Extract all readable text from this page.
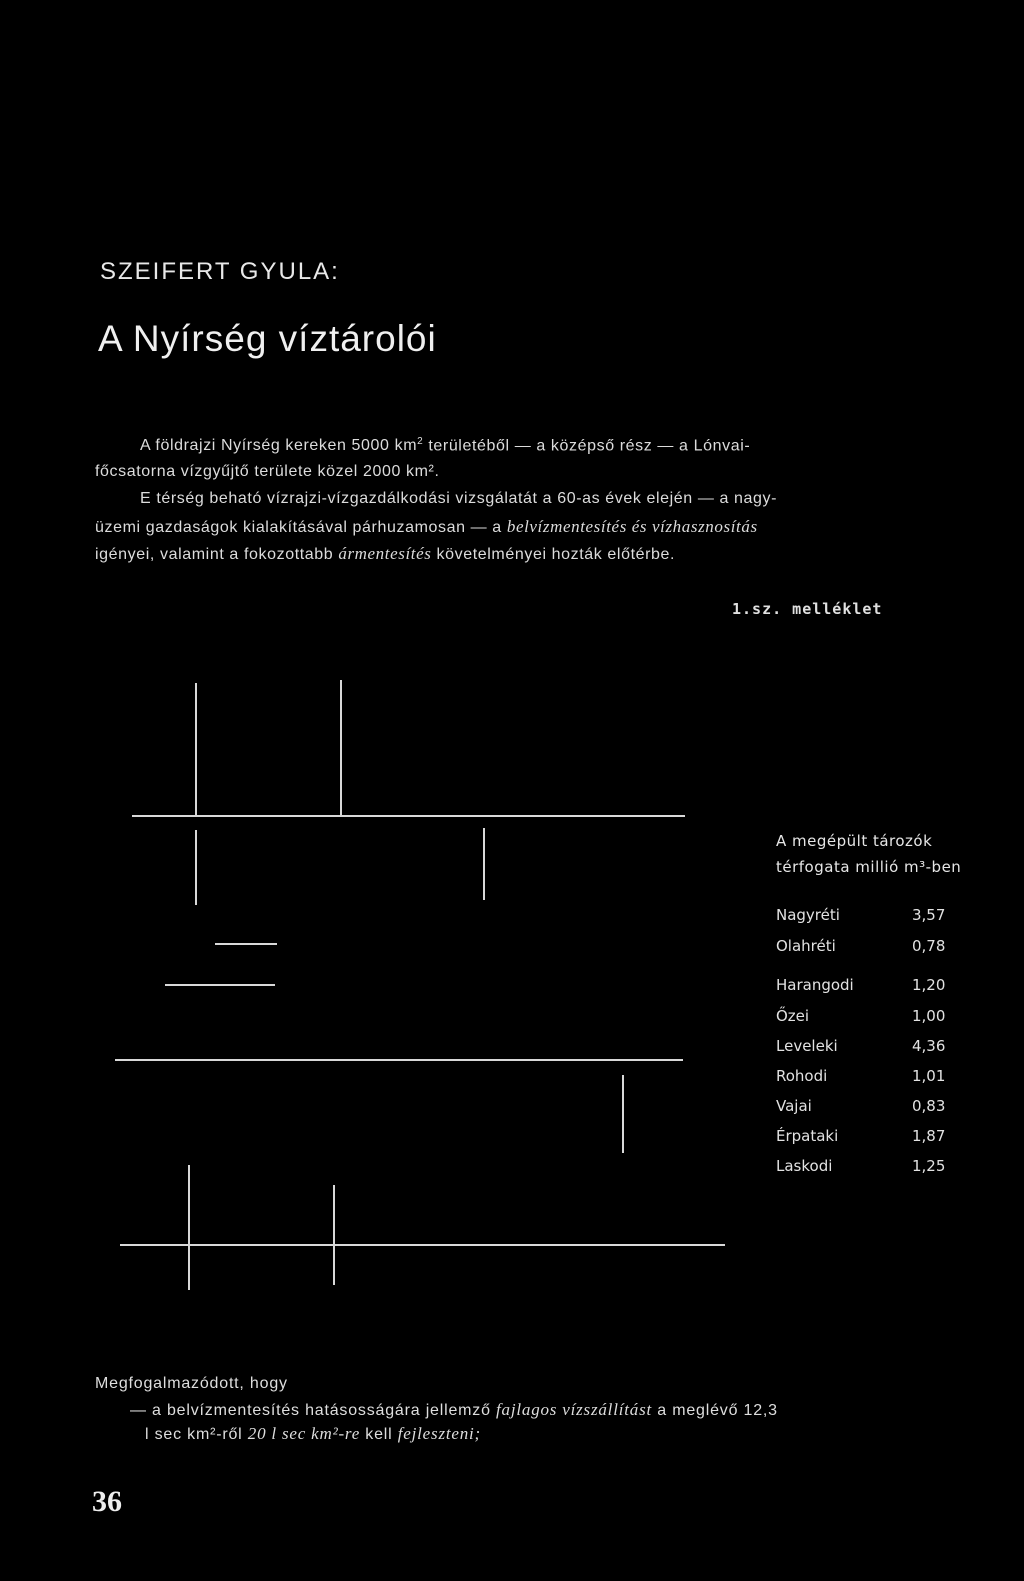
SZEIFERT GYULA:
A Nyírség víztárolói
A földrajzi Nyírség kereken 5000 $km^2$ területéből — a középső rész — a Lónvai-
főcsatorna vízgyűjtő területe közel 2000 km².
E térség beható vízrajzi-vízgazdálkodási vizsgálatát a 60-as évek elején — a nagy-
üzemi gazdaságok kialakításával párhuzamosan — a belvízmentesítés és vízhasznosítás
igényei, valamint a fokozottabb ármentesítés követelményei hozták előtérbe.
1.sz. melléklet
A megépült tározók
térfogata millió m³-ben
Nagyréti	3,57
Olahréti	0,78
Harangodi	1,20
Őzei	1,00
Leveleki	4,36
Rohodi	1,01
Vajai	0,83
Érpataki	1,87
Laskodi	1,25
Megfogalmazódott, hogy
— a belvízmentesítés hatásosságára jellemző fajlagos vízszállítást a meglévő 12,3
l sec km²-ről 20 l sec km²-re kell fejleszteni;
36
